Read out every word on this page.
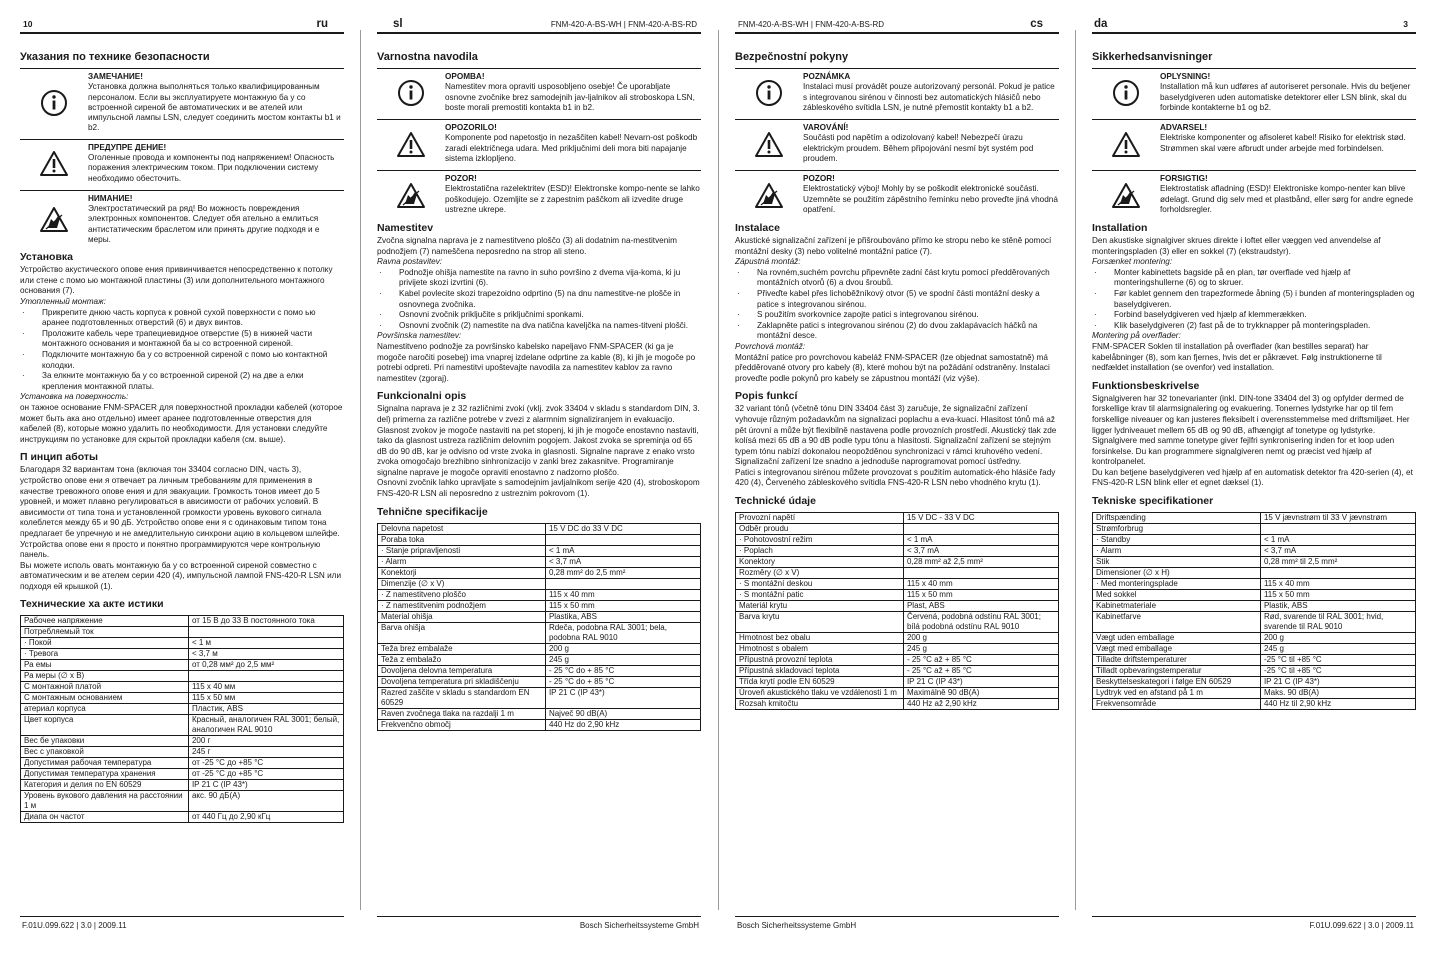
10	ru
Указания по технике безопасности
ЗАМЕЧАНИЕ!
Установка должна выполняться только квалифицированным персоналом. Если вы эксплуатируете монтажную ба у со встроенной сиреной бе автоматических и ве ателей или импульсной лампы LSN, следует соединить мостом контакты b1 и b2.
ПРЕДУПРЕ ДЕНИЕ!
Оголенные провода и компоненты под напряжением! Опасность поражения электрическим током. При подключении систему необходимо обесточить.
НИМАНИЕ!
Электростатический ра ряд! Во можность повреждения электронных компонентов. Следует обя ательно а емлиться антистатическим браслетом или принять другие подходя и е меры.
Установка

Устройство акустического опове ения привинчивается непосредственно к потолку или стене с помо ью монтажной пластины (3) или дополнительного монтажного основания (7).

Утопленный монтаж:

· Прикрепите днюю часть корпуса к ровной сухой поверхности с помо ью аранее подготовленных отверстий (6) и двух винтов.
· Проложите кабель чере трапециевидное отверстие (5) в нижней части монтажного основания и монтажной ба ы со встроенной сиреной.
· Подключите монтажную ба у со встроенной сиреной с помо ью контактной колодки.
· За елкните монтажную ба у со встроенной сиреной (2) на две а елки крепления монтажной платы.

Установка на поверхность:

он тажное основание FNM-SPACER для поверхностной прокладки кабелей (которое может быть ака ано отдельно) имеет аранее подготовленные отверстия для кабелей (8), которые можно удалить по необходимости. Для установки следуйте инструкциям по установке для скрытой прокладки кабеля (см. выше).

П инцип аботы

Благодаря 32 вариантам тона (включая тон 33404 согласно DIN, часть 3), устройство опове ени я отвечает ра личным требованиям для применения в качестве тревожного опове ения и для эвакуации. Громкость тонов имеет до 5 уровней, и может плавно регулироваться в ависимости от рабочих условий. В ависимости от типа тона и установленной громкости уровень вукового сигнала колеблется между 65 и 90 дБ. Устройство опове ени я с одинаковым типом тона предлагает бе упречную и не амедлительную синхрони ацию в кольцевом шлейфе. Устройства опове ени я просто и понятно программируются чере контрольную панель.

Вы можете исполь овать монтажную ба у со встроенной сиреной совместно с автоматическим и ве ателем серии 420 (4), импульсной лампой FNS-420-R LSN или подходя ей крышкой (1).

Технические ха акте истики
Рабочее напряжение	от 15 В до 33 В постоянного тока
Потребляемый ток	
· Покой	< 1 м
· Тревога	< 3,7 м
Ра емы	от 0,28 мм² до 2,5 мм²
Ра меры (∅ x В)	
С монтажной платой	115 х 40 мм
С монтажным основанием	115 х 50 мм
атериал корпуса	Пластик, ABS
Цвет корпуса	Красный, аналогичен RAL 3001; белый, аналогичен RAL 9010
Вес бе упаковки	200 г
Вес с упаковкой	245 г
Допустимая рабочая температура	от -25 °C до +85 °C
Допустимая температура хранения	от -25 °C до +85 °C
Категория и делия по EN 60529	IP 21 C (IP 43*)
Уровень вукового давления на расстоянии 1 м	акс. 90 дБ(А)
Диапа он частот	от 440 Гц до 2,90 кГц
F.01U.099.622 | 3.0 | 2009.11
sl	FNM-420-A-BS-WH | FNM-420-A-BS-RD
Varnostna navodila
OPOMBA!
Namestitev mora opraviti usposobljeno osebje! Če uporabljate osnovne zvočnike brez samodejnih jav-ljalnikov ali stroboskopa LSN, boste morali premostiti kontakta b1 in b2.
OPOZORILO!
Komponente pod napetostjo in nezaščiten kabel! Nevarn-ost poškodb zaradi električnega udara. Med priključnimi deli mora biti napajanje sistema izklopljeno.
POZOR!
Elektrostatična razelektritev (ESD)! Elektronske kompo-nente se lahko poškodujejo. Ozemljite se z zapestnim paščkom ali izvedite druge ustrezne ukrepe.
Namestitev

Zvočna signalna naprava je z namestitveno ploščo (3) ali dodatnim na-mestitvenim podnožjem (7) nameščena neposredno na strop ali steno.

Ravna postavitev:

· Podnožje ohišja namestite na ravno in suho površino z dvema vija-koma, ki ju privijete skozi izvrtini (6).
· Kabel povlecite skozi trapezoidno odprtino (5) na dnu namestitve-ne plošče in osnovnega zvočnika.
· Osnovni zvočnik priključite s priključnimi sponkami.
· Osnovni zvočnik (2) namestite na dva natična kaveljčka na names-titveni plošči.

Površinska namestitev:

Namestitveno podnožje za površinsko kabelsko napeljavo FNM-SPACER (ki ga je mogoče naročiti posebej) ima vnaprej izdelane odprtine za kable (8), ki jih je mogoče po potrebi odpreti. Pri namestitvi upoštevajte navodila za namestitev kablov za ravno namestitev (zgoraj).

Funkcionalni opis

Signalna naprava je z 32 različnimi zvoki (vklj. zvok 33404 v skladu s standardom DIN, 3. del) primerna za različne potrebe v zvezi z alarmnim signaliziranjem in evakuacijo. Glasnost zvokov je mogoče nastaviti na pet stopenj, ki jih je mogoče enostavno nastaviti, tako da glasnost ustreza različnim delovnim pogojem. Jakost zvoka se spreminja od 65 dB do 90 dB, kar je odvisno od vrste zvoka in glasnosti. Signalne naprave z enako vrsto zvoka omogočajo brezhibno sinhronizacijo v zanki brez zakasnitve. Programiranje signalne naprave je mogoče opraviti enostavno z nadzorno ploščo.

Osnovni zvočnik lahko upravljate s samodejnim javljalnikom serije 420 (4), stroboskopom FNS-420-R LSN ali neposredno z ustreznim pokrovom (1).

Tehnične specifikacije
Delovna napetost	15 V DC do 33 V DC
Poraba toka	
· Stanje pripravljenosti	< 1 mA
· Alarm	< 3,7 mA
Konektorji	0,28 mm² do 2,5 mm²
Dimenzije (∅ x V)	
· Z namestitveno ploščo	115 x 40 mm
· Z namestitvenim podnožjem	115 x 50 mm
Material ohišja	Plastika, ABS
Barva ohišja	Rdeča, podobna RAL 3001; bela, podobna RAL 9010
Teža brez embalaže	200 g
Teža z embalažo	245 g
Dovoljena delovna temperatura	- 25 °C do + 85 °C
Dovoljena temperatura pri skladiščenju	- 25 °C do + 85 °C
Razred zaščite v skladu s standardom EN 60529	IP 21 C (IP 43*)
Raven zvočnega tlaka na razdalji 1 m	Največ 90 dB(A)
Frekvenčno območj	440 Hz do 2,90 kHz
Bosch Sicherheitssysteme GmbH
FNM-420-A-BS-WH | FNM-420-A-BS-RD	cs
Bezpečnostní pokyny
POZNÁMKA
Instalaci musí provádět pouze autorizovaný personál. Pokud je patice s integrovanou sirénou v činnosti bez automatických hlásičů nebo zábleskového svítidla LSN, je nutné přemostit kontakty b1 a b2.
VAROVÁNÍ!
Součásti pod napětím a odizolovaný kabel! Nebezpečí úrazu elektrickým proudem. Během připojování nesmí být systém pod proudem.
POZOR!
Elektrostatický výboj! Mohly by se poškodit elektronické součásti. Uzemněte se použitím zápěstního řemínku nebo proveďte jiná vhodná opatření.
Instalace

Akustické signalizační zařízení je přišroubováno přímo ke stropu nebo ke stěně pomocí montážní desky (3) nebo volitelné montážní patice (7).

Zápustná montáž:

· Na rovném,suchém povrchu připevněte zadní část krytu pomocí předděrovaných montážních otvorů (6) a dvou šroubů.
· Přiveďte kabel přes lichoběžníkový otvor (5) ve spodní části montážní desky a patice s integrovanou sirénou.
· S použitím svorkovnice zapojte patici s integrovanou sirénou.
· Zaklapněte patici s integrovanou sirénou (2) do dvou zaklapávacích háčků na montážní desce.

Povrchová montáž:

Montážní patice pro povrchovou kabeláž FNM-SPACER (lze objednat samostatně) má předděrované otvory pro kabely (8), které mohou být na požádání odstraněny. Instalaci proveďte podle pokynů pro kabely se zápustnou montáží (viz výše).

Popis funkcí

32 variant tónů (včetně tónu DIN 33404 část 3) zaručuje, že signalizační zařízení vyhovuje různým požadavkům na signalizaci poplachu a eva-kuaci. Hlasitost tónů má až pět úrovní a může být flexibilně nastavena podle provozních prostředí. Akustický tlak zde kolísá mezi 65 dB a 90 dB podle typu tónu a hlasitosti. Signalizační zařízení se stejným typem tónu nabízí dokonalou neopožděnou synchronizaci v rámci kruhového vedení. Signalizační zařízení lze snadno a jednoduše naprogramovat pomocí ústředny.

Patici s integrovanou sirénou můžete provozovat s použitím automatick-ého hlásiče řady 420 (4), Červeného zábleskového svítidla FNS-420-R LSN nebo vhodného krytu (1).

Technické údaje
Provozní napětí	15 V DC - 33 V DC
Odběr proudu	
· Pohotovostní režim	< 1 mA
· Poplach	< 3,7 mA
Konektory	0,28 mm² až 2,5 mm²
Rozměry (∅ x V)	
· S montážní deskou	115 x 40 mm
· S montážní patic	115 x 50 mm
Materiál krytu	Plast, ABS
Barva krytu	Červená, podobná odstínu RAL 3001; bílá podobná odstínu RAL 9010
Hmotnost bez obalu	200 g
Hmotnost s obalem	245 g
Přípustná provozní teplota	- 25 °C až + 85 °C
Přípustná skladovací teplota	- 25 °C až + 85 °C
Třída krytí podle EN 60529	IP 21 C (IP 43*)
Úroveň akustického tlaku ve vzdálenosti 1 m	Maximálně 90 dB(A)
Rozsah kmitočtu	440 Hz až 2,90 kHz
Bosch Sicherheitssysteme GmbH
da	3
Sikkerhedsanvisninger
OPLYSNING!
Installation må kun udføres af autoriseret personale. Hvis du betjener baselydgiveren uden automatiske detektorer eller LSN blink, skal du forbinde kontakterne b1 og b2.
ADVARSEL!
Elektriske komponenter og afisoleret kabel! Risiko for elektrisk stød. Strømmen skal være afbrudt under arbejde med forbindelsen.
FORSIGTIG!
Elektrostatisk afladning (ESD)! Elektroniske kompo-nenter kan blive ødelagt. Grund dig selv med et plastbånd, eller sørg for andre egnede forholdsregler.
Installation

Den akustiske signalgiver skrues direkte i loftet eller væggen ved anvendelse af monteringspladen (3) eller en sokkel (7) (ekstraudstyr).

Forsænket montering:

· Monter kabinettets bagside på en plan, tør overflade ved hjælp af monteringshullerne (6) og to skruer.
· Før kablet gennem den trapezformede åbning (5) i bunden af monteringspladen og baselydgiveren.
· Forbind baselydgiveren ved hjælp af klemmerækken.
· Klik baselydgiveren (2) fast på de to trykknapper på monteringspladen.

Montering på overflader:

FNM-SPACER Soklen til installation på overflader (kan bestilles separat) har kabelåbninger (8), som kan fjernes, hvis det er påkrævet. Følg instruktionerne til nedfældet installation (se ovenfor) ved installation.

Funktionsbeskrivelse

Signalgiveren har 32 tonevarianter (inkl. DIN-tone 33404 del 3) og opfylder dermed de forskellige krav til alarmsignalering og evakuering. Tonernes lydstyrke har op til fem forskellige niveauer og kan justeres fleksibelt i overensstemmelse med driftsmiljøet. Her ligger lydniveauet mellem 65 dB og 90 dB, afhængigt af tonetype og lydstyrke. Signalgivere med samme tonetype giver fejlfri synkronisering inden for et loop uden forsinkelse. Du kan programmere signalgiveren nemt og præcist ved hjælp af kontrolpanelet.

Du kan betjene baselydgiveren ved hjælp af en automatisk detektor fra 420-serien (4), et FNS-420-R LSN blink eller et egnet dæksel (1).

Tekniske specifikationer
Driftspænding	15 V jævnstrøm til 33 V jævnstrøm
Strømforbrug	
· Standby	< 1 mA
· Alarm	< 3,7 mA
Stik	0,28 mm² til 2,5 mm²
Dimensioner (∅ x H)	
· Med monteringsplade	115 x 40 mm
Med sokkel	115 x 50 mm
Kabinetmateriale	Plastik, ABS
Kabinetfarve	Rød, svarende til RAL 3001; hvid, svarende til RAL 9010
Vægt uden emballage	200 g
Vægt med emballage	245 g
Tilladte driftstemperaturer	-25 °C til +85 °C
Tilladt opbevaringstemperatur	-25 °C til +85 °C
Beskyttelseskategori i følge EN 60529	IP 21 C (IP 43*)
Lydtryk ved en afstand på 1 m	Maks. 90 dB(A)
Frekvensområde	440 Hz til 2,90 kHz
F.01U.099.622 | 3.0 | 2009.11
